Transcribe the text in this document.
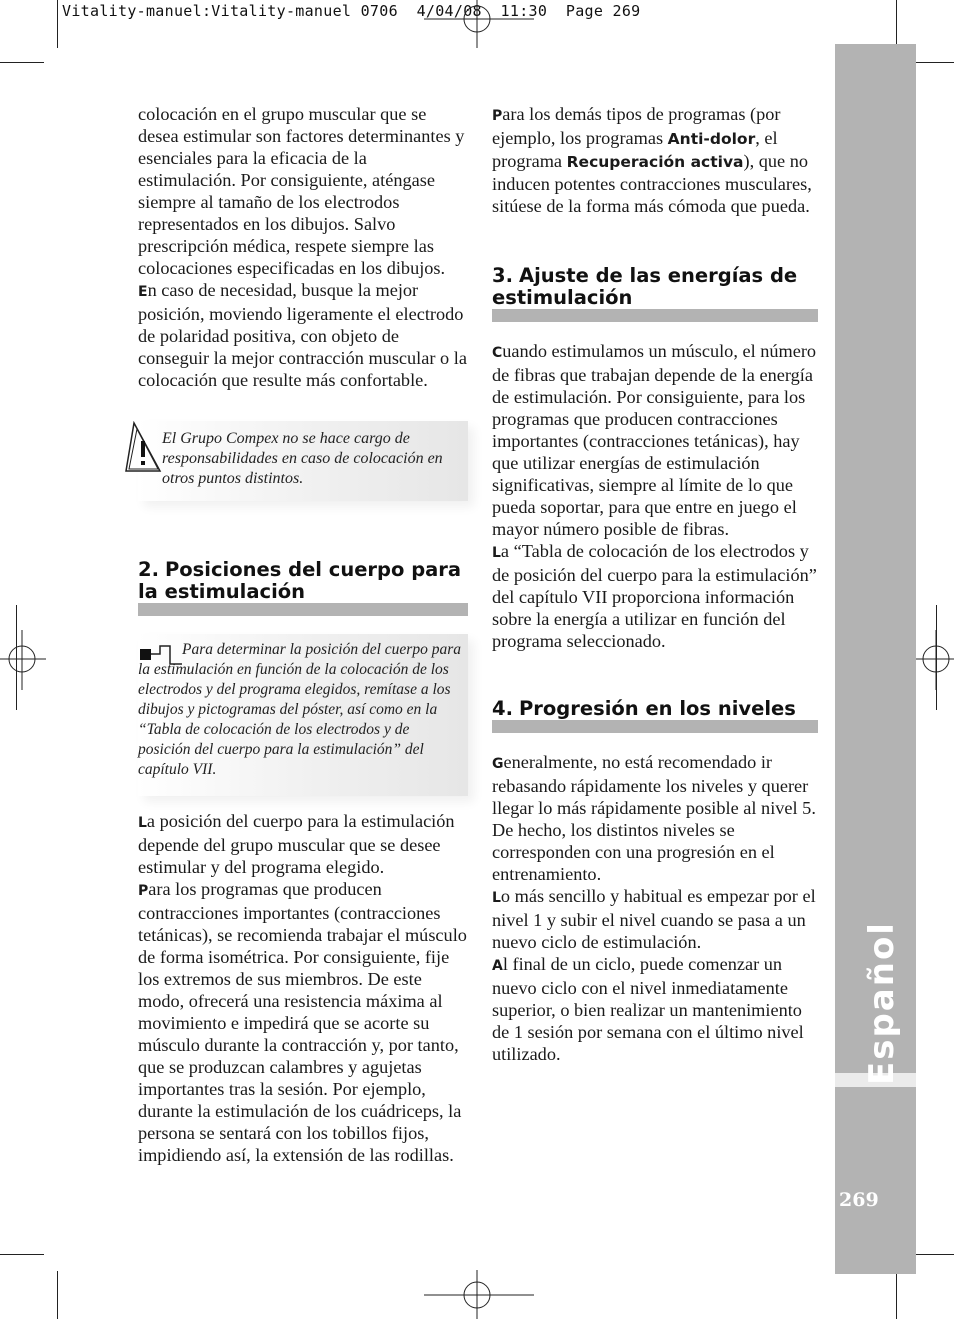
Vitality-manuel:Vitality-manuel 0706  4/04/08  11:30  Page 269
Español
269

colocación en el grupo muscular que se desea estimular son factores determinantes y esenciales para la eficacia de la estimulación. Por consiguiente, aténgase siempre al tamaño de los electrodos representados en los dibujos. Salvo prescripción médica, respete siempre las colocaciones especificadas en los dibujos.

En caso de necesidad, busque la mejor posición, moviendo ligeramente el electrodo de polaridad positiva, con objeto de conseguir la mejor contracción muscular o la colocación que resulte más confortable.

El Grupo Compex no se hace cargo de responsabilidades en caso de colocación en otros puntos distintos.
2. Posiciones del cuerpo para la estimulación
Para determinar la posición del cuerpo para la estimulación en función de la colocación de los electrodos y del programa elegidos, remítase a los dibujos y pictogramas del póster, así como en la “Tabla de colocación de los electrodos y de posición del cuerpo para la estimulación” del capítulo VII.

La posición del cuerpo para la estimulación depende del grupo muscular que se desee estimular y del programa elegido.

Para los programas que producen contracciones importantes (contracciones tetánicas), se recomienda trabajar el músculo de forma isométrica. Por consiguiente, fije los extremos de sus miembros. De este modo, ofrecerá una resistencia máxima al movimiento e impedirá que se acorte su músculo durante la contracción y, por tanto, que se produzcan calambres y agujetas importantes tras la sesión. Por ejemplo, durante la estimulación de los cuádriceps, la persona se sentará con los tobillos fijos, impidiendo así, la extensión de las rodillas.

Para los demás tipos de programas (por ejemplo, los programas Anti-dolor, el programa Recuperación activa), que no inducen potentes contracciones musculares, sitúese de la forma más cómoda que pueda.

3. Ajuste de las energías de estimulación

Cuando estimulamos un músculo, el número de fibras que trabajan depende de la energía de estimulación. Por consiguiente, para los programas que producen contracciones importantes (contracciones tetánicas), hay que utilizar energías de estimulación significativas, siempre al límite de lo que pueda soportar, para que entre en juego el mayor número posible de fibras.

La “Tabla de colocación de los electrodos y de posición del cuerpo para la estimulación” del capítulo VII proporciona información sobre la energía a utilizar en función del programa seleccionado.

4. Progresión en los niveles

Generalmente, no está recomendado ir rebasando rápidamente los niveles y querer llegar lo más rápidamente posible al nivel 5. De hecho, los distintos niveles se corresponden con una progresión en el entrenamiento.

Lo más sencillo y habitual es empezar por el nivel 1 y subir el nivel cuando se pasa a un nuevo ciclo de estimulación.

Al final de un ciclo, puede comenzar un nuevo ciclo con el nivel inmediatamente superior, o bien realizar un mantenimiento de 1 sesión por semana con el último nivel utilizado.
